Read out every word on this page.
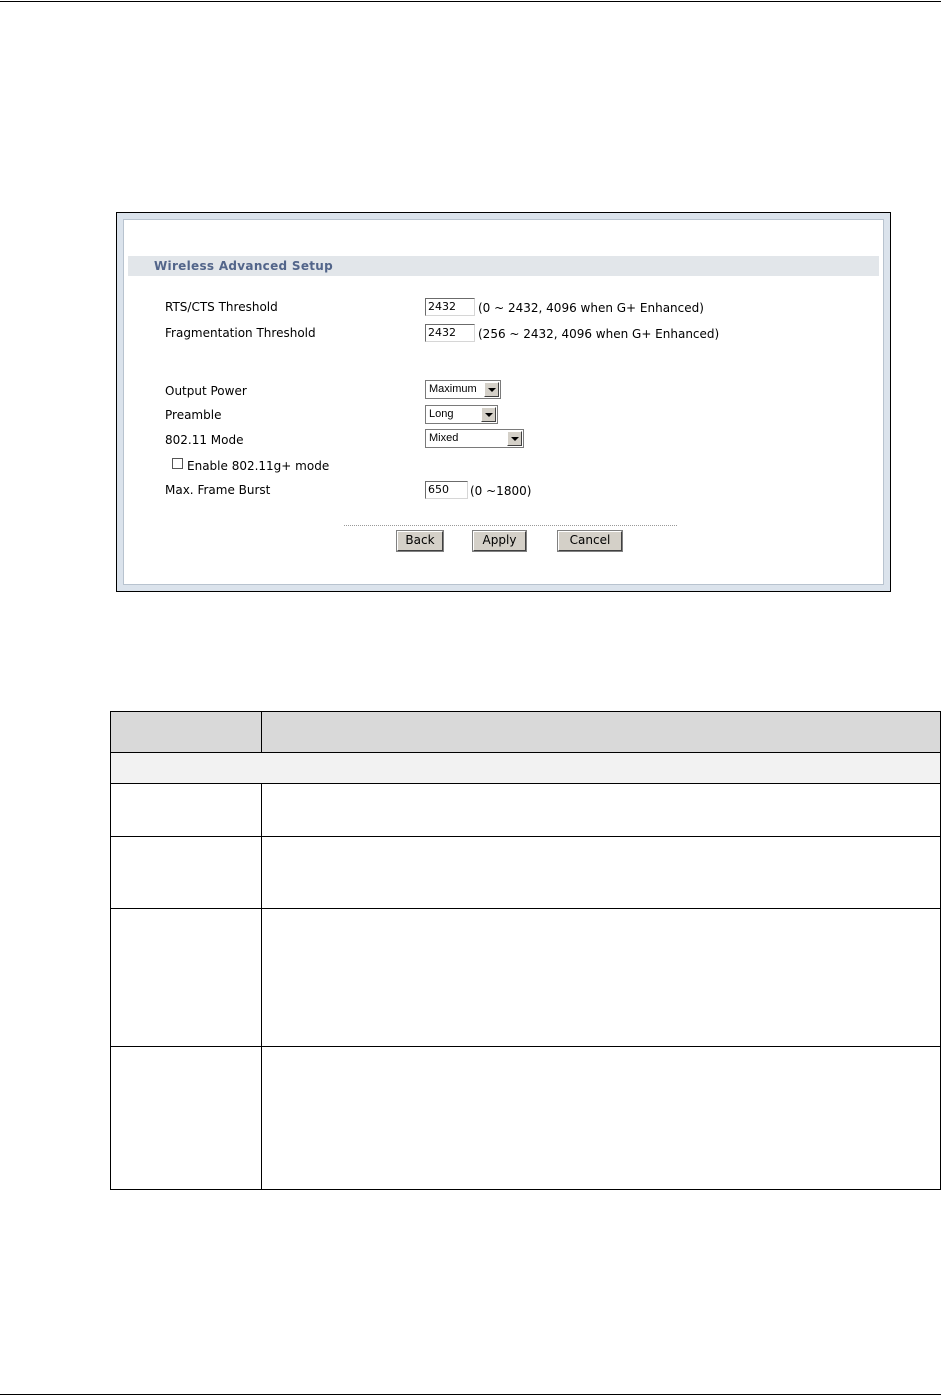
Wireless Advanced Setup
RTS/CTS Threshold	2432	(0 ~ 2432, 4096 when G+ Enhanced)
Fragmentation Threshold	2432	(256 ~ 2432, 4096 when G+ Enhanced)
Output Power	Maximum
Preamble	Long
802.11 Mode	Mixed
Enable 802.11g+ mode
Max. Frame Burst	650	(0 ~1800)
Back	Apply	Cancel
